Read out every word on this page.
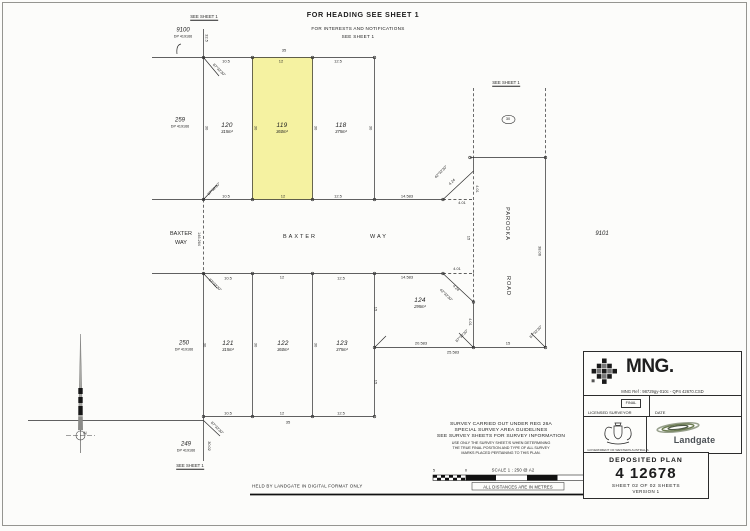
FOR HEADING SEE SHEET 1
FOR INTERESTS AND NOTIFICATIONS
SEE SHEET 1
SEE SHEET 1
SEE SHEET 1
SEE SHEET 1
32.5
87°32'30"
10.5
35
12	12.5
30	30	30	30
10.5	12	12.5
87°32'30"	14.583
42°32'30"
4.24
4.01
4.01
15
38.06
146.264
87°32'30" 10.5	12	12.5	14.583
4.01
42°32'30"
4.24
4.01
30	30	30
15
15
20.583
25.583
15
87°32'30"	87°32'30"
10.5	12	12.5
35
87°32'30"
30.02
30
N
BAXTER
WAY
BAXTER	WAY	PAROOKA
ROAD
120
315m²
119
360m²
118
375m²
121
315m²
122
360m²
123
375m²
124
295m²
9100
DP 419166
259
DP 419166
250
DP 419166
249
DP 419166
9101
SURVEY CARRIED OUT UNDER REG 26A
SPECIAL SURVEY AREA GUIDELINES
SEE SURVEY SHEETS FOR SURVEY INFORMATION
USE ONLY THE SURVEY SHEET/S WHEN DETERMINING
THE TRUE FINAL POSITION AND TYPE OF ALL SURVEY
MARKS PLACED PERTAINING TO THIS PLAN.
5	0	SCALE 1 : 250 @ A2
ALL DISTANCES ARE IN METRES
HELD BY LANDGATE IN DIGITAL FORMAT ONLY
MNG.
MNG Ref : 98729gy-010c - QP4 42670.CSD
FINAL
LICENSED SURVEYOR	DATE
GOVERNMENT OF WESTERN AUSTRALIA
Landgate
DEPOSITED PLAN
4 12678
SHEET 02 OF 02 SHEETS
VERSION 1
